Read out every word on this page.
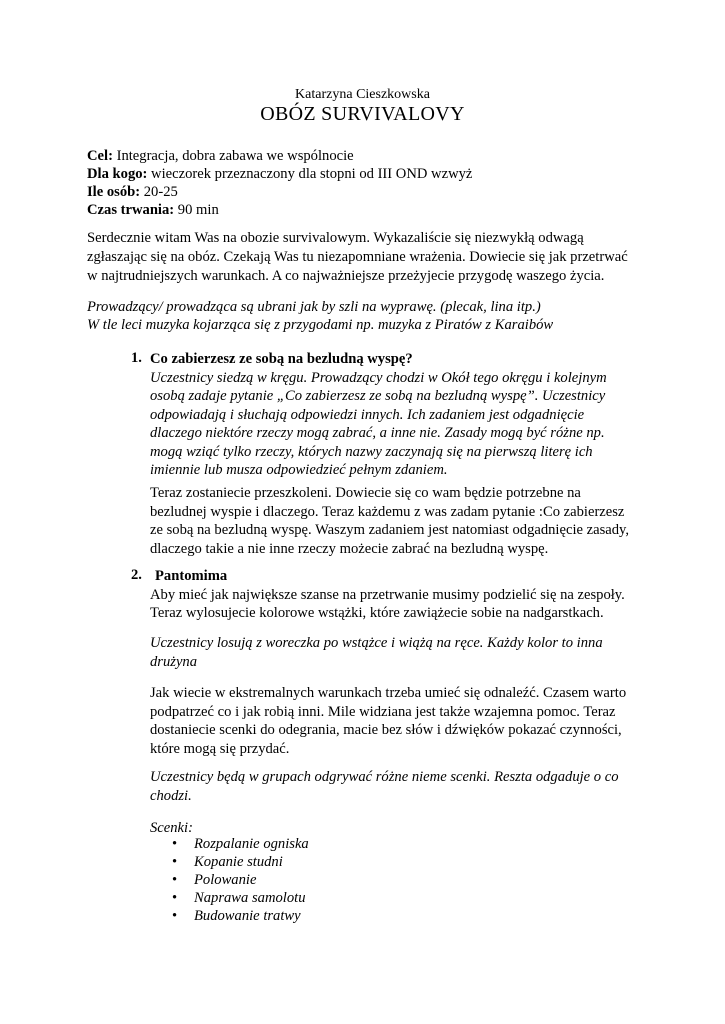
Katarzyna Cieszkowska
OBÓZ SURVIVALOVY
Cel: Integracja, dobra zabawa we wspólnocie
Dla kogo: wieczorek przeznaczony dla stopni od III OND wzwyż
Ile osób: 20-25
Czas trwania: 90 min
Serdecznie witam Was na obozie survivalowym. Wykazaliście się niezwykłą odwagą
zgłaszając się na obóz. Czekają Was tu niezapomniane wrażenia. Dowiecie się jak przetrwać
w najtrudniejszych warunkach. A co najważniejsze przeżyjecie przygodę waszego życia.
Prowadzący/ prowadząca są ubrani jak by szli na wyprawę. (plecak, lina itp.)
W tle leci muzyka kojarząca się z przygodami np. muzyka z Piratów z Karaibów
1. Co zabierzesz ze sobą na bezludną wyspę?
Uczestnicy siedzą w kręgu. Prowadzący chodzi w Okół tego okręgu i kolejnym
osobą zadaje pytanie „Co zabierzesz ze sobą na bezludną wyspę”. Uczestnicy
odpowiadają i słuchają odpowiedzi innych. Ich zadaniem jest odgadnięcie
dlaczego niektóre rzeczy mogą zabrać, a inne nie. Zasady mogą być różne np.
mogą wziąć tylko rzeczy, których nazwy zaczynają się na pierwszą literę ich
imiennie lub musza odpowiedzieć pełnym zdaniem.
Teraz zostaniecie przeszkoleni. Dowiecie się co wam będzie potrzebne na
bezludnej wyspie i dlaczego. Teraz każdemu z was zadam pytanie :Co zabierzesz
ze sobą na bezludną wyspę. Waszym zadaniem jest natomiast odgadnięcie zasady,
dlaczego takie a nie inne rzeczy możecie zabrać na bezludną wyspę.
2. Pantomima
Aby mieć jak największe szanse na przetrwanie musimy podzielić się na zespoły.
Teraz wylosujecie kolorowe wstążki, które zawiążecie sobie na nadgarstkach.
Uczestnicy losują z woreczka po wstążce i wiążą na ręce. Każdy kolor to inna
drużyna
Jak wiecie w ekstremalnych warunkach trzeba umieć się odnaleźć. Czasem warto
podpatrzeć co i jak robią inni. Mile widziana jest także wzajemna pomoc. Teraz
dostaniecie scenki do odegrania, macie bez słów i dźwięków pokazać czynności,
które mogą się przydać.
Uczestnicy będą w grupach odgrywać różne nieme scenki. Reszta odgaduje o co
chodzi.
Scenki:
• Rozpalanie ogniska
• Kopanie studni
• Polowanie
• Naprawa samolotu
• Budowanie tratwy
